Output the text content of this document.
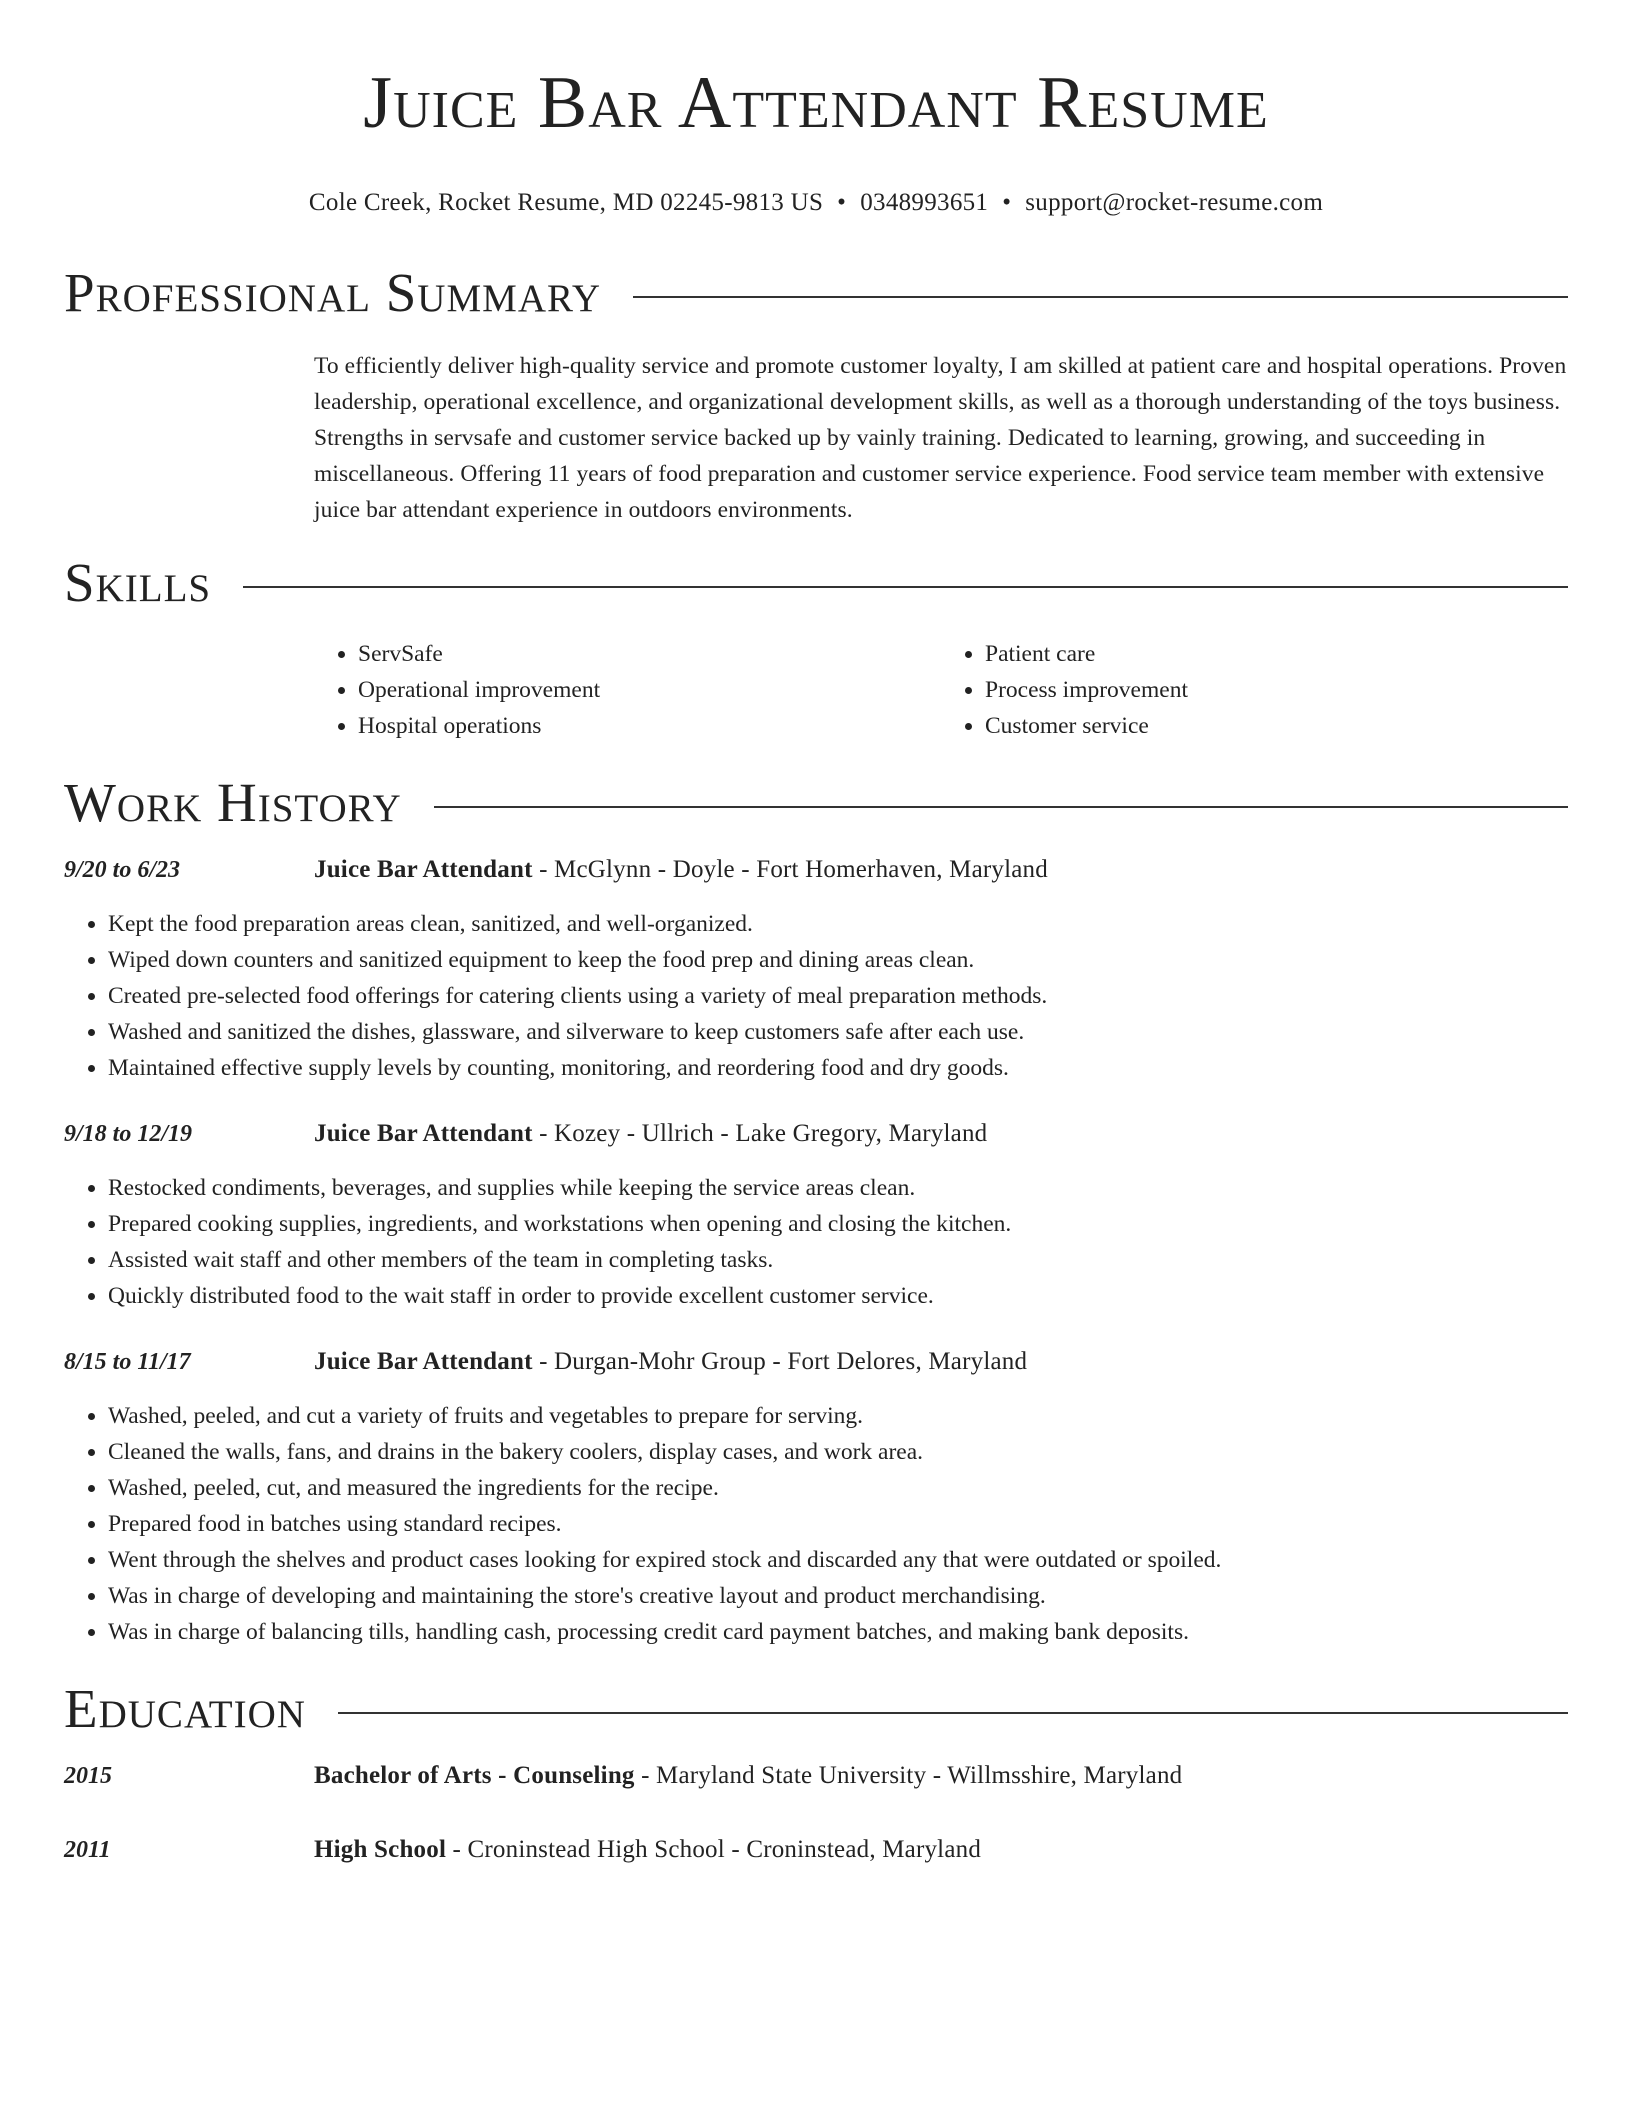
Juice Bar Attendant Resume
Cole Creek, Rocket Resume, MD 02245-9813 US • 0348993651 • support@rocket-resume.com
Professional Summary

To efficiently deliver high-quality service and promote customer loyalty, I am skilled at patient care and hospital operations. Proven leadership, operational excellence, and organizational development skills, as well as a thorough understanding of the toys business. Strengths in servsafe and customer service backed up by vainly training. Dedicated to learning, growing, and succeeding in miscellaneous. Offering 11 years of food preparation and customer service experience. Food service team member with extensive juice bar attendant experience in outdoors environments.

Skills
• ServSafe
• Operational improvement
• Hospital operations
• Patient care
• Process improvement
• Customer service
Work History
9/20 to 6/23	Juice Bar Attendant - McGlynn - Doyle - Fort Homerhaven, Maryland
• Kept the food preparation areas clean, sanitized, and well-organized.
• Wiped down counters and sanitized equipment to keep the food prep and dining areas clean.
• Created pre-selected food offerings for catering clients using a variety of meal preparation methods.
• Washed and sanitized the dishes, glassware, and silverware to keep customers safe after each use.
• Maintained effective supply levels by counting, monitoring, and reordering food and dry goods.
9/18 to 12/19	Juice Bar Attendant - Kozey - Ullrich - Lake Gregory, Maryland
• Restocked condiments, beverages, and supplies while keeping the service areas clean.
• Prepared cooking supplies, ingredients, and workstations when opening and closing the kitchen.
• Assisted wait staff and other members of the team in completing tasks.
• Quickly distributed food to the wait staff in order to provide excellent customer service.
8/15 to 11/17	Juice Bar Attendant - Durgan-Mohr Group - Fort Delores, Maryland
• Washed, peeled, and cut a variety of fruits and vegetables to prepare for serving.
• Cleaned the walls, fans, and drains in the bakery coolers, display cases, and work area.
• Washed, peeled, cut, and measured the ingredients for the recipe.
• Prepared food in batches using standard recipes.
• Went through the shelves and product cases looking for expired stock and discarded any that were outdated or spoiled.
• Was in charge of developing and maintaining the store's creative layout and product merchandising.
• Was in charge of balancing tills, handling cash, processing credit card payment batches, and making bank deposits.
Education
2015	Bachelor of Arts - Counseling - Maryland State University - Willmsshire, Maryland
2011	High School - Croninstead High School - Croninstead, Maryland
